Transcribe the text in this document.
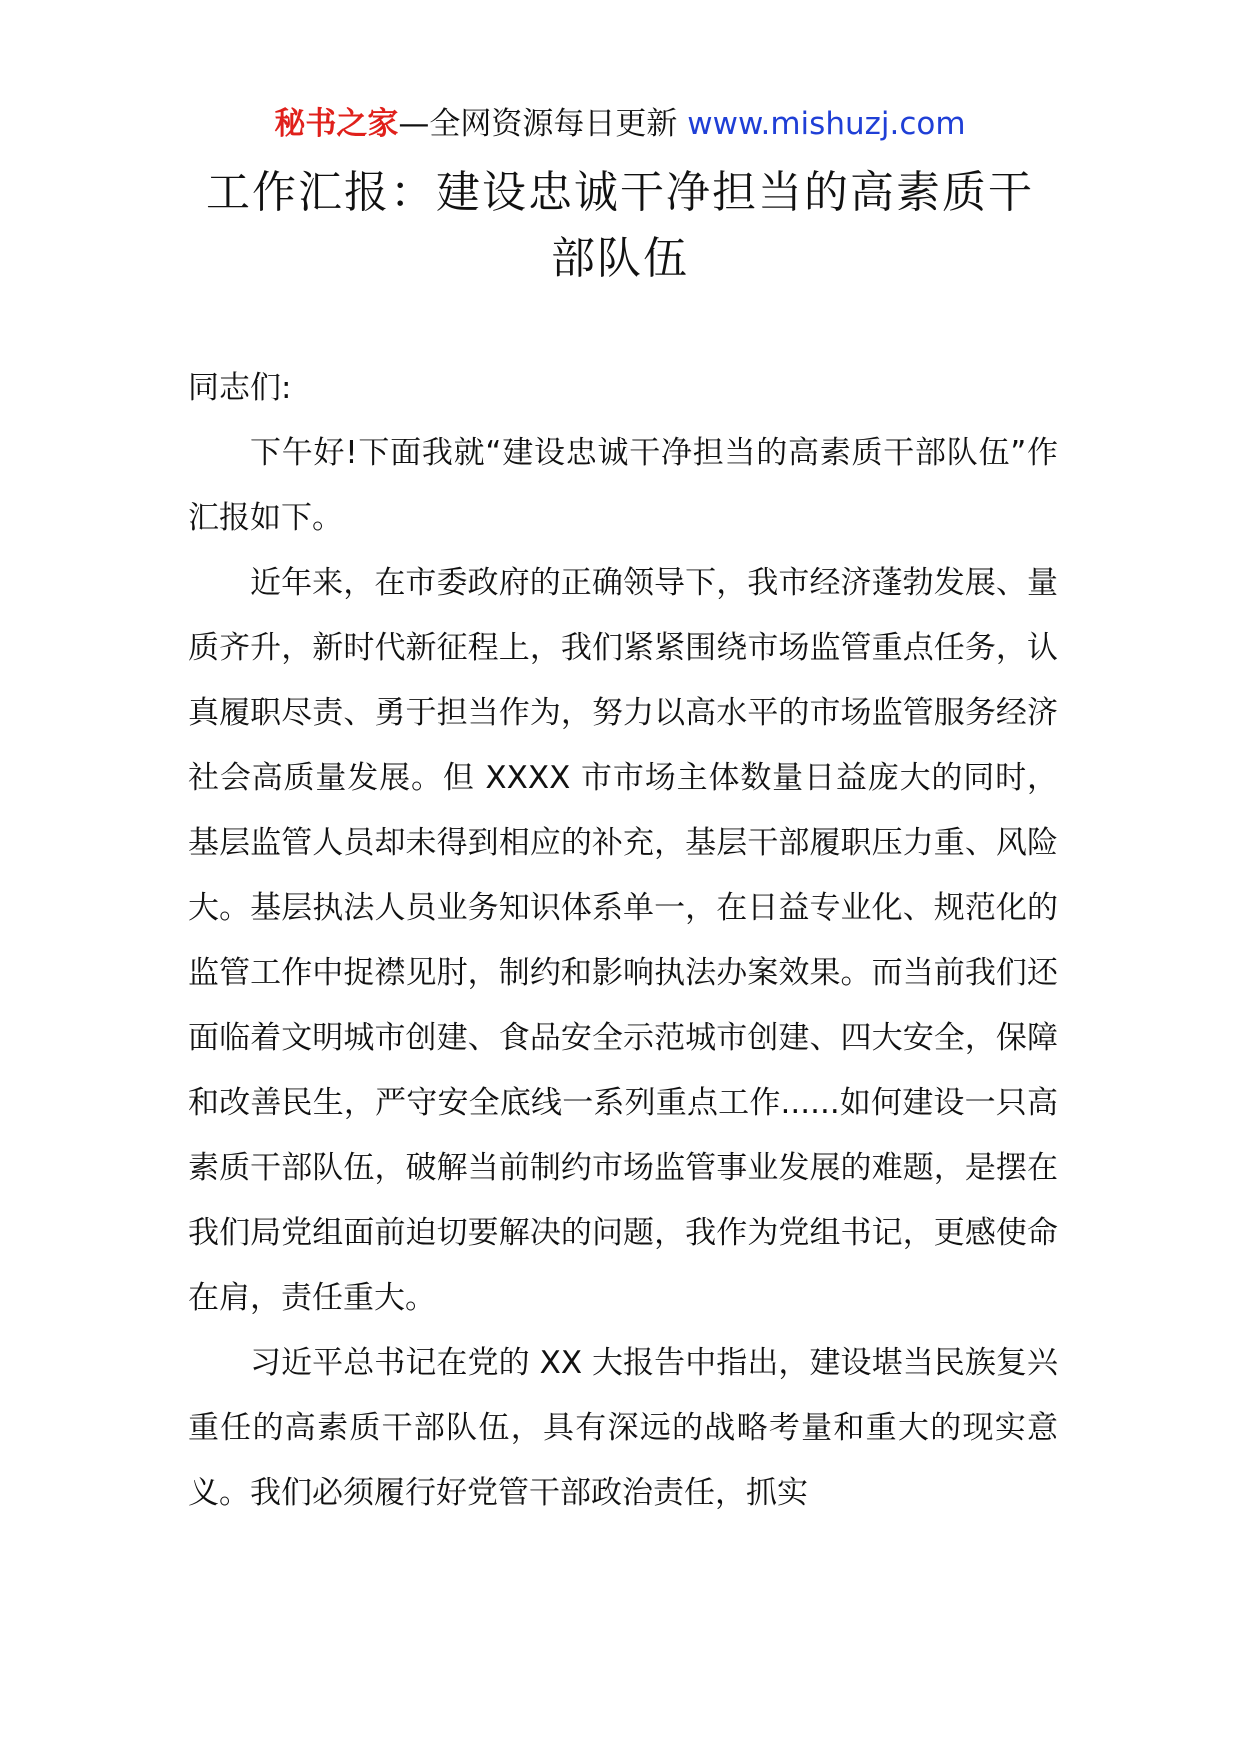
秘书之家—全网资源每日更新 www.mishuzj.com
工作汇报：建设忠诚干净担当的高素质干
部队伍

同志们:

下午好!下面我就“建设忠诚干净担当的高素质干部队伍”作汇报如下。

近年来，在市委政府的正确领导下，我市经济蓬勃发展、量质齐升，新时代新征程上，我们紧紧围绕市场监管重点任务，认真履职尽责、勇于担当作为，努力以高水平的市场监管服务经济社会高质量发展。但 XXXX 市市场主体数量日益庞大的同时，基层监管人员却未得到相应的补充，基层干部履职压力重、风险大。基层执法人员业务知识体系单一，在日益专业化、规范化的监管工作中捉襟见肘，制约和影响执法办案效果。而当前我们还面临着文明城市创建、食品安全示范城市创建、四大安全，保障和改善民生，严守安全底线一系列重点工作......如何建设一只高素质干部队伍，破解当前制约市场监管事业发展的难题，是摆在我们局党组面前迫切要解决的问题，我作为党组书记，更感使命在肩，责任重大。

习近平总书记在党的 XX 大报告中指出，建设堪当民族复兴重任的高素质干部队伍，具有深远的战略考量和重大的现实意义。我们必须履行好党管干部政治责任，抓实
